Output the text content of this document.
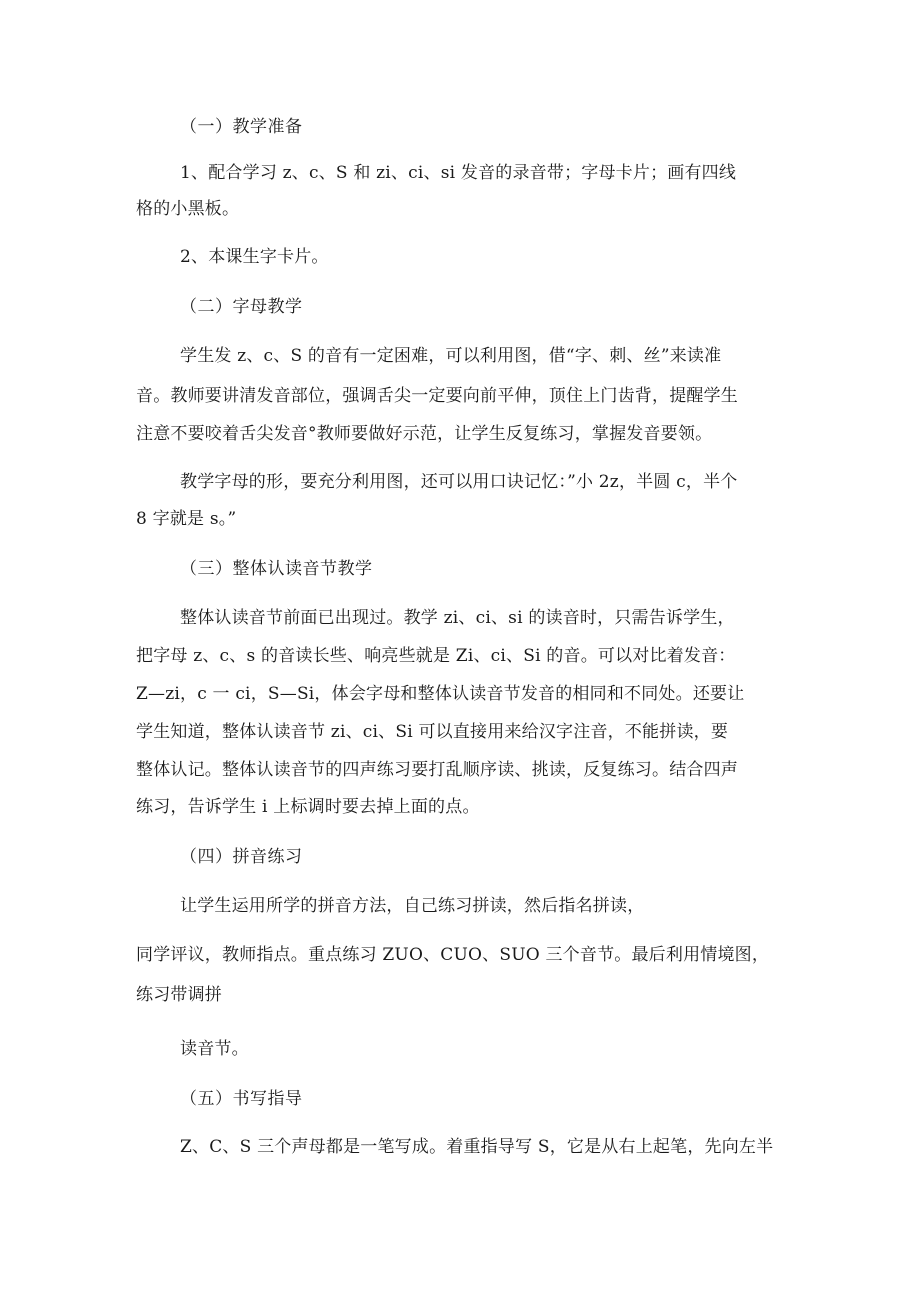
（一）教学准备
1、配合学习 z、c、S 和 zi、ci、si 发音的录音带；字母卡片；画有四线
格的小黑板。
2、本课生字卡片。
（二）字母教学
学生发 z、c、S 的音有一定困难，可以利用图，借“字、刺、丝”来读准
音。教师要讲清发音部位，强调舌尖一定要向前平伸，顶住上门齿背，提醒学生
注意不要咬着舌尖发音°教师要做好示范，让学生反复练习，掌握发音要领。
教学字母的形，要充分利用图，还可以用口诀记忆：”小 2z，半圆 c，半个
8 字就是 s。”
（三）整体认读音节教学
整体认读音节前面已出现过。教学 zi、ci、si 的读音时，只需告诉学生，
把字母 z、c、s 的音读长些、响亮些就是 Zi、ci、Si 的音。可以对比着发音：
Z—zi，c 一 ci，S—Si，体会字母和整体认读音节发音的相同和不同处。还要让
学生知道，整体认读音节 zi、ci、Si 可以直接用来给汉字注音，不能拼读，要
整体认记。整体认读音节的四声练习要打乱顺序读、挑读，反复练习。结合四声
练习，告诉学生 i 上标调时要去掉上面的点。
（四）拼音练习
让学生运用所学的拼音方法，自己练习拼读，然后指名拼读，
同学评议，教师指点。重点练习 ZUO、CUO、SUO 三个音节。最后利用情境图，
练习带调拼
读音节。
（五）书写指导
Z、C、S 三个声母都是一笔写成。着重指导写 S，它是从右上起笔，先向左半
